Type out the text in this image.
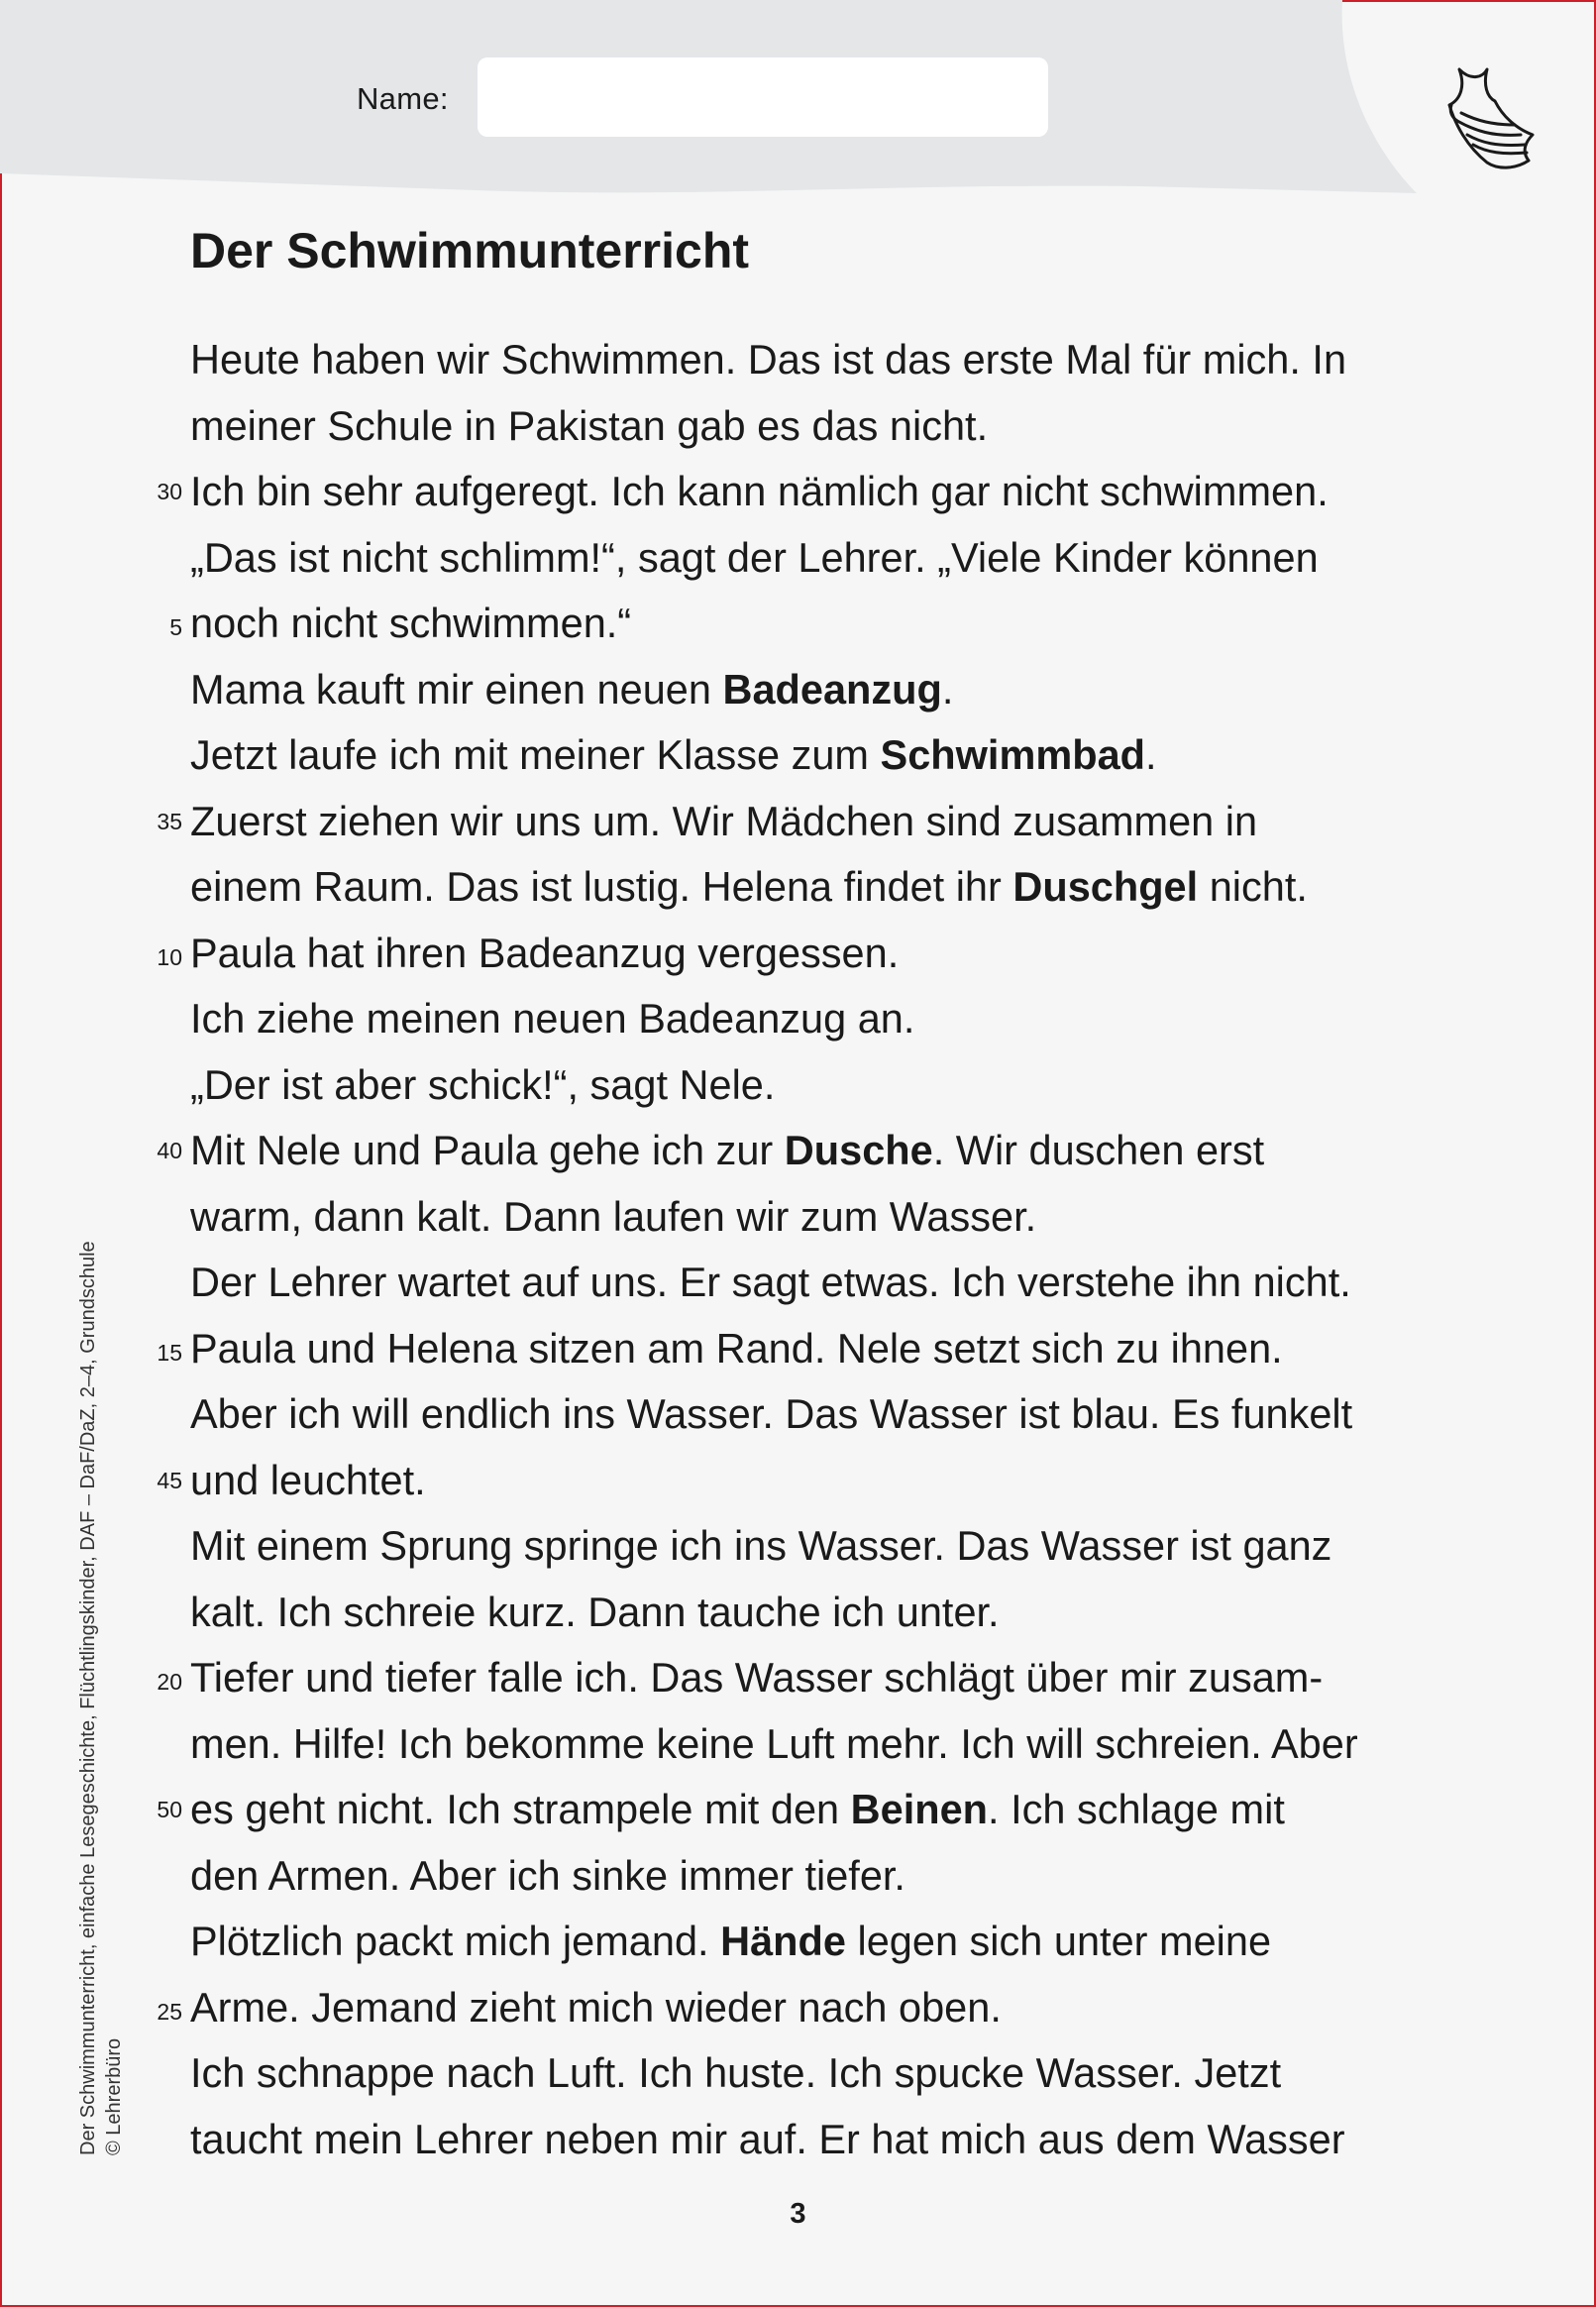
Name:
Der Schwimmunterricht
Heute haben wir Schwimmen. Das ist das erste Mal für mich. In
meiner Schule in Pakistan gab es das nicht.
Ich bin sehr aufgeregt. Ich kann nämlich gar nicht schwimmen.
„Das ist nicht schlimm!“, sagt der Lehrer. „Viele Kinder können
noch nicht schwimmen.“
Mama kauft mir einen neuen Badeanzug.
Jetzt laufe ich mit meiner Klasse zum Schwimmbad.
Zuerst ziehen wir uns um. Wir Mädchen sind zusammen in
einem Raum. Das ist lustig. Helena findet ihr Duschgel nicht.
Paula hat ihren Badeanzug vergessen.
Ich ziehe meinen neuen Badeanzug an.
„Der ist aber schick!“, sagt Nele.
Mit Nele und Paula gehe ich zur Dusche. Wir duschen erst
warm, dann kalt. Dann laufen wir zum Wasser.
Der Lehrer wartet auf uns. Er sagt etwas. Ich verstehe ihn nicht.
Paula und Helena sitzen am Rand. Nele setzt sich zu ihnen.
Aber ich will endlich ins Wasser. Das Wasser ist blau. Es funkelt
und leuchtet.
Mit einem Sprung springe ich ins Wasser. Das Wasser ist ganz
kalt. Ich schreie kurz. Dann tauche ich unter.
Tiefer und tiefer falle ich. Das Wasser schlägt über mir zusam-
men. Hilfe! Ich bekomme keine Luft mehr. Ich will schreien. Aber
es geht nicht. Ich strampele mit den Beinen. Ich schlage mit
den Armen. Aber ich sinke immer tiefer.
Plötzlich packt mich jemand. Hände legen sich unter meine
Arme. Jemand zieht mich wieder nach oben.
Ich schnappe nach Luft. Ich huste. Ich spucke Wasser. Jetzt
taucht mein Lehrer neben mir auf. Er hat mich aus dem Wasser
30
5
35
10
40
15
45
20
50
25
Der Schwimmunterricht, einfache Lesegeschichte, Flüchtlingskinder, DAF – DaF/DaZ, 2–4, Grundschule © Lehrerbüro
3
